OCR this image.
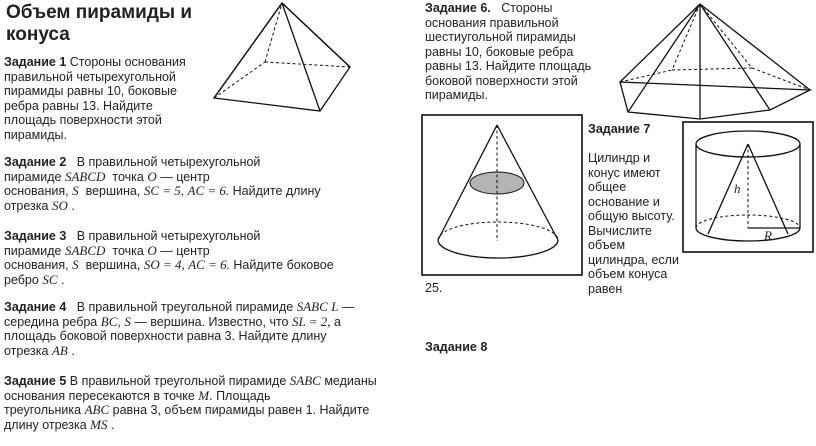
Объем пирамиды и конуса
Задание 1 Стороны основания правильной четырехугольной пирамиды равны 10, боковые ребра равны 13. Найдите площадь поверхности этой пирамиды.
Задание 2 В правильной четырехугольной
пирамиде SABCD точка O — центр
основания, S вершина, SC = 5, AC = 6. Найдите длину
отрезка SO .
Задание 3 В правильной четырехугольной
пирамиде SABCD точка O — центр
основания, S вершина, SO = 4, AC = 6. Найдите боковое
ребро SC .
Задание 4 В правильной треугольной пирамиде SABC L —
середина ребра BC, S — вершина. Известно, что SL = 2, а
площадь боковой поверхности равна 3. Найдите длину
отрезка AB .
Задание 5 В правильной треугольной пирамиде SABC медианы
основания пересекаются в точке M. Площадь
треугольника ABC равна 3, объем пирамиды равен 1. Найдите
длину отрезка MS .
Задание 6. Стороны основания правильной шестиугольной пирамиды равны 10, боковые ребра равны 13. Найдите площадь боковой поверхности этой пирамиды.
Задание 7
Цилиндр и конус имеют общее основание и общую высоту. Вычислите объем цилиндра, если объем конуса равен
25.
h
R
Задание 8
